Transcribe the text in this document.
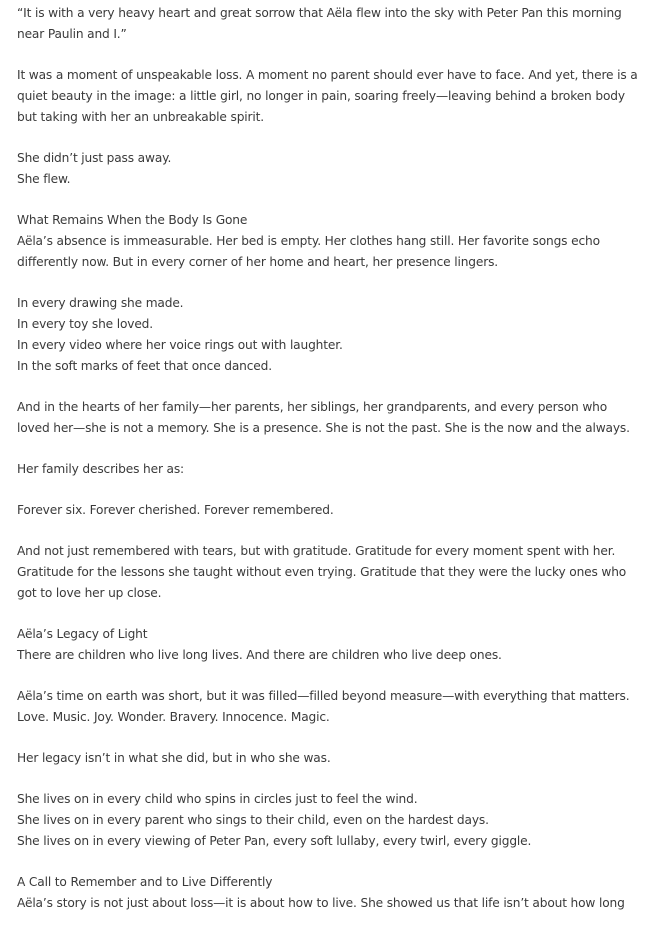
“It is with a very heavy heart and great sorrow that Aëla flew into the sky with Peter Pan this morning
near Paulin and I.”

It was a moment of unspeakable loss. A moment no parent should ever have to face. And yet, there is a
quiet beauty in the image: a little girl, no longer in pain, soaring freely—leaving behind a broken body
but taking with her an unbreakable spirit.

She didn’t just pass away.
She flew.

What Remains When the Body Is Gone
Aëla’s absence is immeasurable. Her bed is empty. Her clothes hang still. Her favorite songs echo
differently now. But in every corner of her home and heart, her presence lingers.

In every drawing she made.
In every toy she loved.
In every video where her voice rings out with laughter.
In the soft marks of feet that once danced.

And in the hearts of her family—her parents, her siblings, her grandparents, and every person who
loved her—she is not a memory. She is a presence. She is not the past. She is the now and the always.

Her family describes her as:

Forever six. Forever cherished. Forever remembered.

And not just remembered with tears, but with gratitude. Gratitude for every moment spent with her.
Gratitude for the lessons she taught without even trying. Gratitude that they were the lucky ones who
got to love her up close.

Aëla’s Legacy of Light
There are children who live long lives. And there are children who live deep ones.

Aëla’s time on earth was short, but it was filled—filled beyond measure—with everything that matters.
Love. Music. Joy. Wonder. Bravery. Innocence. Magic.

Her legacy isn’t in what she did, but in who she was.

She lives on in every child who spins in circles just to feel the wind.
She lives on in every parent who sings to their child, even on the hardest days.
She lives on in every viewing of Peter Pan, every soft lullaby, every twirl, every giggle.

A Call to Remember and to Live Differently
Aëla’s story is not just about loss—it is about how to live. She showed us that life isn’t about how long
